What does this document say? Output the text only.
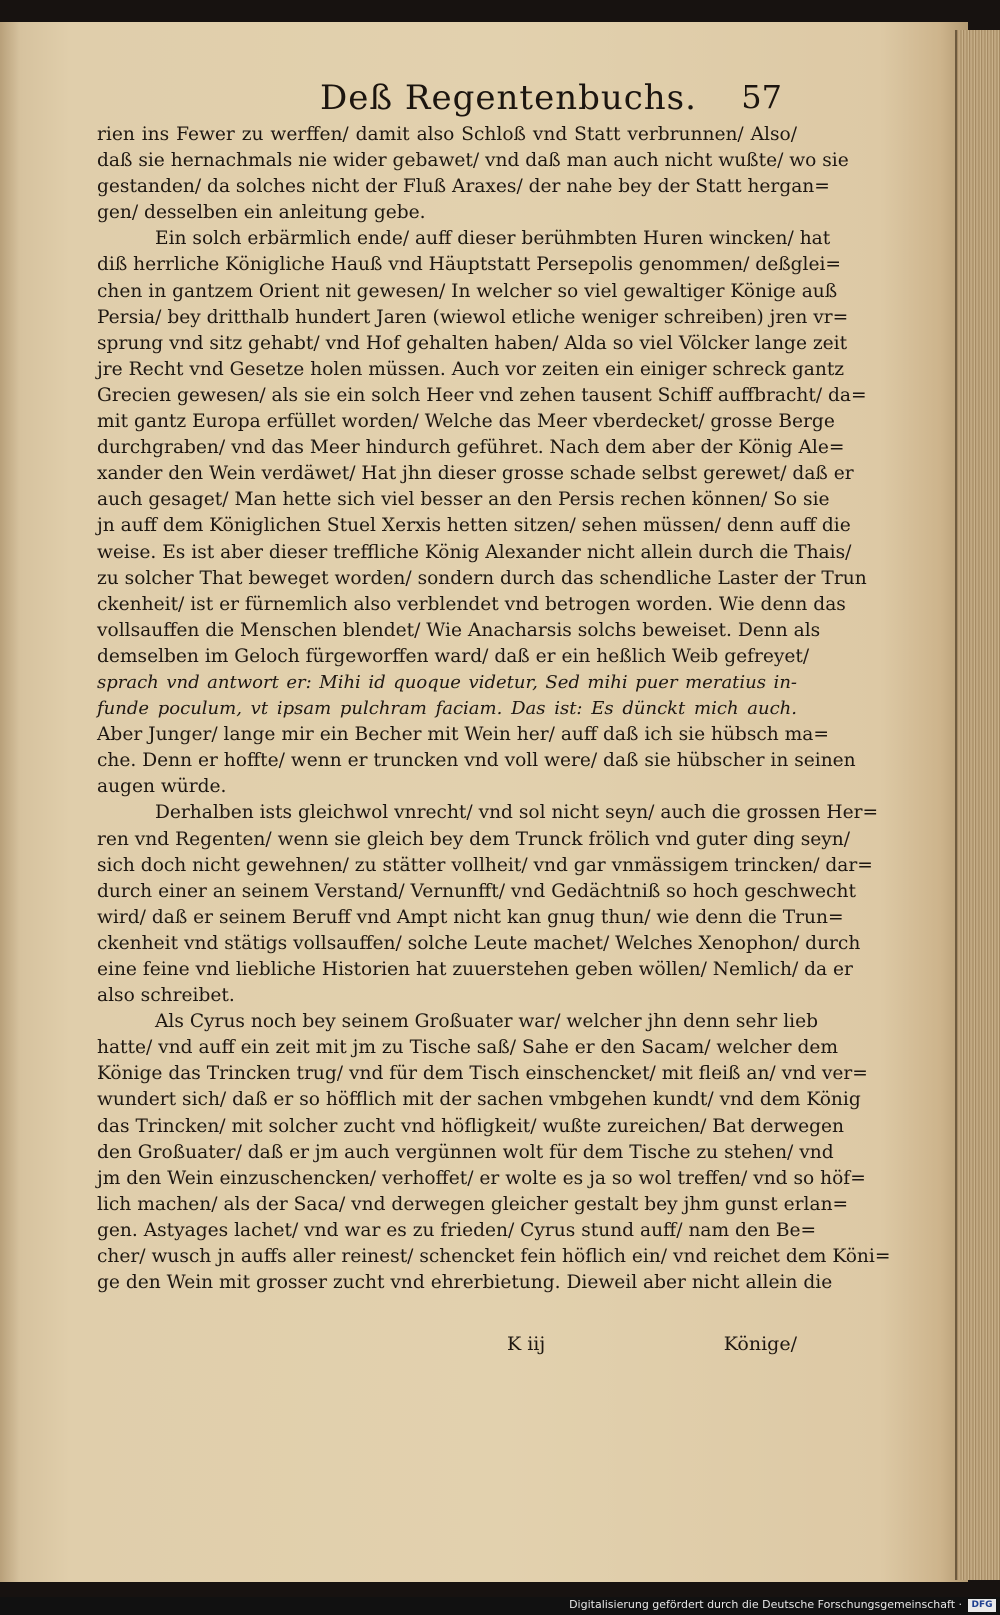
Deß Regentenbuchs. 57
rien ins Fewer zu werffen/ damit also Schloß vnd Statt verbrunnen/ Also/
daß sie hernachmals nie wider gebawet/ vnd daß man auch nicht wußte/ wo sie
gestanden/ da solches nicht der Fluß Araxes/ der nahe bey der Statt hergan=
gen/ desselben ein anleitung gebe.
Ein solch erbärmlich ende/ auff dieser berühmbten Huren wincken/ hat
diß herrliche Königliche Hauß vnd Häuptstatt Persepolis genommen/ deßglei=
chen in gantzem Orient nit gewesen/ In welcher so viel gewaltiger Könige auß
Persia/ bey dritthalb hundert Jaren (wiewol etliche weniger schreiben) jren vr=
sprung vnd sitz gehabt/ vnd Hof gehalten haben/ Alda so viel Völcker lange zeit
jre Recht vnd Gesetze holen müssen. Auch vor zeiten ein einiger schreck gantz
Grecien gewesen/ als sie ein solch Heer vnd zehen tausent Schiff auffbracht/ da=
mit gantz Europa erfüllet worden/ Welche das Meer vberdecket/ grosse Berge
durchgraben/ vnd das Meer hindurch geführet. Nach dem aber der König Ale=
xander den Wein verdäwet/ Hat jhn dieser grosse schade selbst gerewet/ daß er
auch gesaget/ Man hette sich viel besser an den Persis rechen können/ So sie
jn auff dem Königlichen Stuel Xerxis hetten sitzen/ sehen müssen/ denn auff die
weise. Es ist aber dieser treffliche König Alexander nicht allein durch die Thais/
zu solcher That beweget worden/ sondern durch das schendliche Laster der Trun
ckenheit/ ist er fürnemlich also verblendet vnd betrogen worden. Wie denn das
vollsauffen die Menschen blendet/ Wie Anacharsis solchs beweiset. Denn als
demselben im Geloch fürgeworffen ward/ daß er ein heßlich Weib gefreyet/
sprach vnd antwort er: Mihi id quoque videtur, Sed mihi puer meratius in-
funde poculum, vt ipsam pulchram faciam. Das ist: Es dünckt mich auch.
Aber Junger/ lange mir ein Becher mit Wein her/ auff daß ich sie hübsch ma=
che. Denn er hoffte/ wenn er truncken vnd voll were/ daß sie hübscher in seinen
augen würde.
Derhalben ists gleichwol vnrecht/ vnd sol nicht seyn/ auch die grossen Her=
ren vnd Regenten/ wenn sie gleich bey dem Trunck frölich vnd guter ding seyn/
sich doch nicht gewehnen/ zu stätter vollheit/ vnd gar vnmässigem trincken/ dar=
durch einer an seinem Verstand/ Vernunfft/ vnd Gedächtniß so hoch geschwecht
wird/ daß er seinem Beruff vnd Ampt nicht kan gnug thun/ wie denn die Trun=
ckenheit vnd stätigs vollsauffen/ solche Leute machet/ Welches Xenophon/ durch
eine feine vnd liebliche Historien hat zuuerstehen geben wöllen/ Nemlich/ da er
also schreibet.
Als Cyrus noch bey seinem Großuater war/ welcher jhn denn sehr lieb
hatte/ vnd auff ein zeit mit jm zu Tische saß/ Sahe er den Sacam/ welcher dem
Könige das Trincken trug/ vnd für dem Tisch einschencket/ mit fleiß an/ vnd ver=
wundert sich/ daß er so höfflich mit der sachen vmbgehen kundt/ vnd dem König
das Trincken/ mit solcher zucht vnd höfligkeit/ wußte zureichen/ Bat derwegen
den Großuater/ daß er jm auch vergünnen wolt für dem Tische zu stehen/ vnd
jm den Wein einzuschencken/ verhoffet/ er wolte es ja so wol treffen/ vnd so höf=
lich machen/ als der Saca/ vnd derwegen gleicher gestalt bey jhm gunst erlan=
gen. Astyages lachet/ vnd war es zu frieden/ Cyrus stund auff/ nam den Be=
cher/ wusch jn auffs aller reinest/ schencket fein höflich ein/ vnd reichet dem Köni=
ge den Wein mit grosser zucht vnd ehrerbietung. Dieweil aber nicht allein die
K iij	Könige/
Digitalisierung gefördert durch die Deutsche Forschungsgemeinschaft ·	DFG
